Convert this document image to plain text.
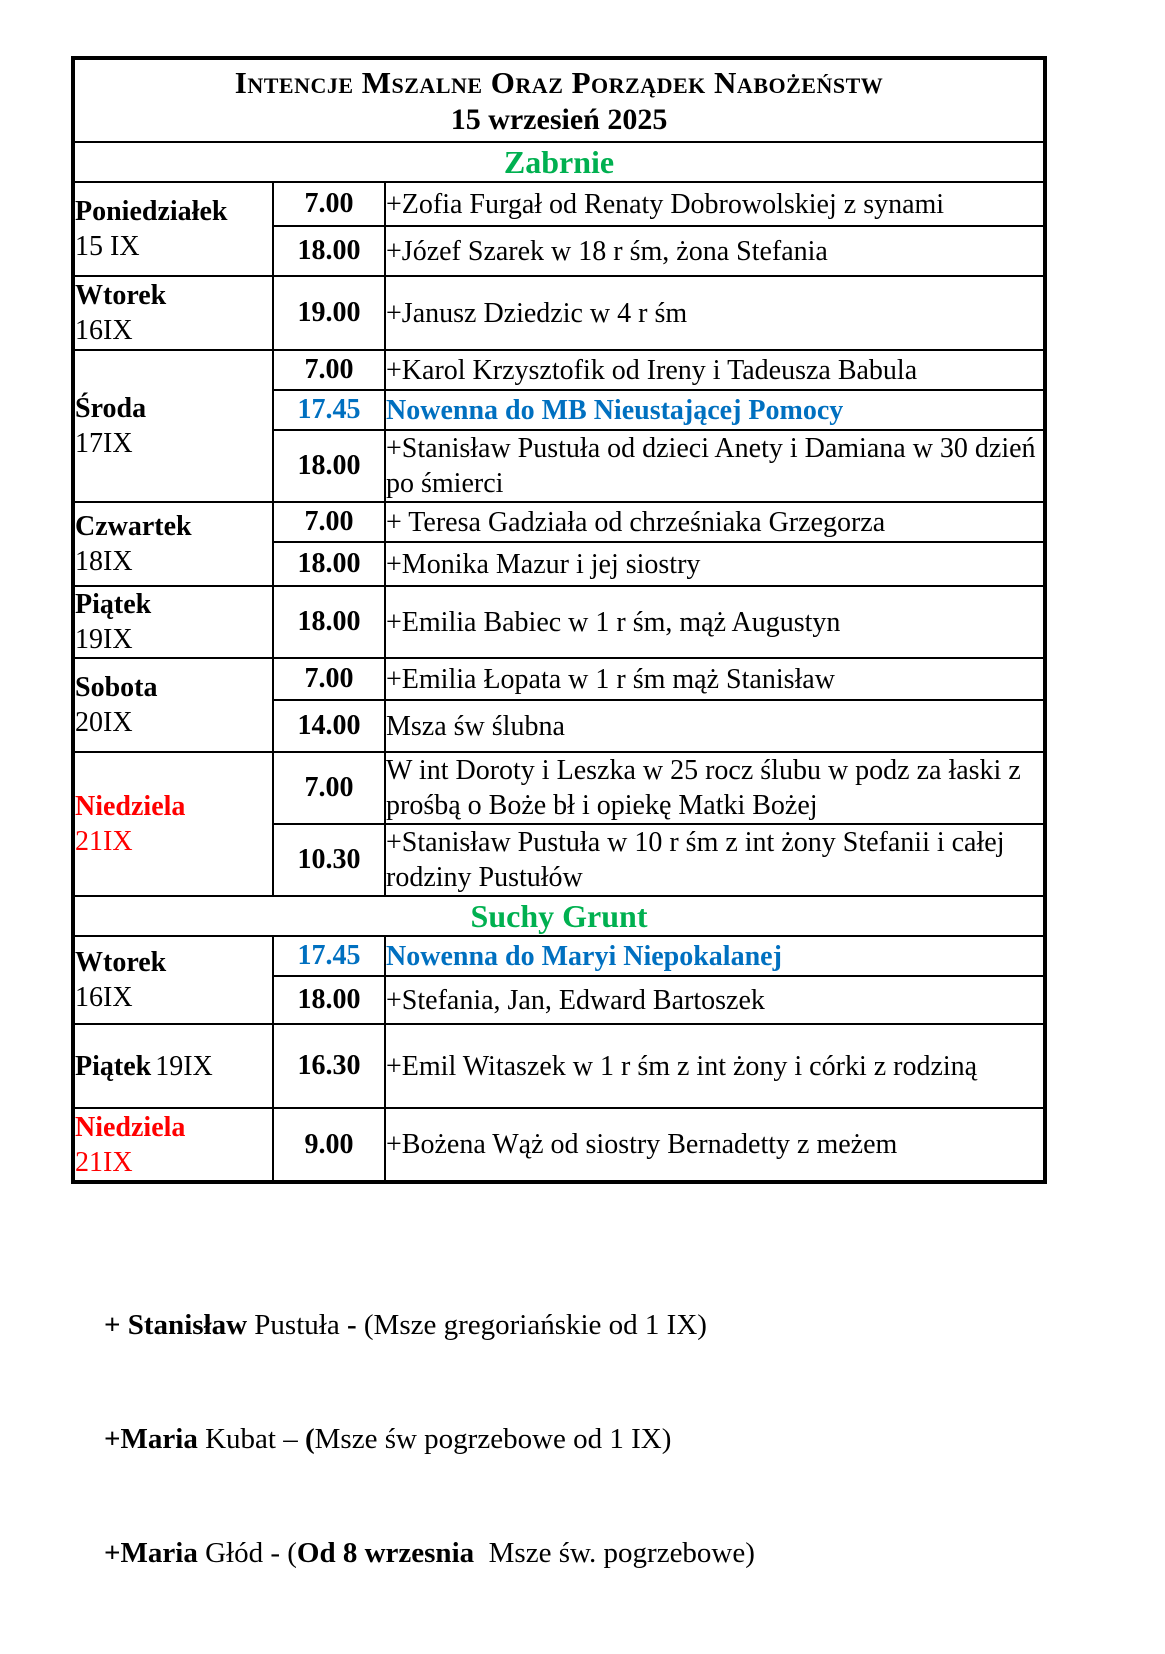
Intencje Mszalne Oraz Porządek Nabożeństw
15 wrzesień 2025		

Zabrnie		

Poniedziałek
15 IX	7.00	+Zofia Furgał od Renaty Dobrowolskiej z synami
	18.00	+Józef Szarek w 18 r śm, żona Stefania

Wtorek
16IX	19.00	+Janusz Dziedzic w 4 r śm

Środa
17IX	7.00	+Karol Krzysztofik od Ireny i Tadeusza Babula
	17.45	Nowenna do MB Nieustającej Pomocy
	18.00	+Stanisław Pustuła od dzieci Anety i Damiana w 30 dzień po śmierci

Czwartek
18IX	7.00	+ Teresa Gadziała od chrześniaka Grzegorza
	18.00	+Monika Mazur i jej siostry

Piątek
19IX	18.00	+Emilia Babiec w 1 r śm, mąż Augustyn

Sobota
20IX	7.00	+Emilia Łopata w 1 r śm mąż Stanisław
	14.00	Msza św ślubna

Niedziela
21IX	7.00	W int Doroty i Leszka w 25 rocz ślubu w podz za łaski z prośbą o Boże bł i opiekę Matki Bożej
	10.30	+Stanisław Pustuła w 10 r śm z int żony Stefanii i całej rodziny Pustułów
Suchy Grunt		

Wtorek
16IX	17.45	Nowenna do Maryi Niepokalanej
	18.00	+Stefania, Jan, Edward Bartoszek

Piątek 19IX	16.30	+Emil Witaszek w 1 r śm z int żony i córki z rodziną

Niedziela
21IX	9.00	+Bożena Wąż od siostry Bernadetty z meżem

+ Stanisław Pustuła - (Msze gregoriańskie od 1 IX)

+Maria Kubat – (Msze św pogrzebowe od 1 IX)

+Maria Głód - (Od 8 wrzesnia  Msze św. pogrzebowe)
